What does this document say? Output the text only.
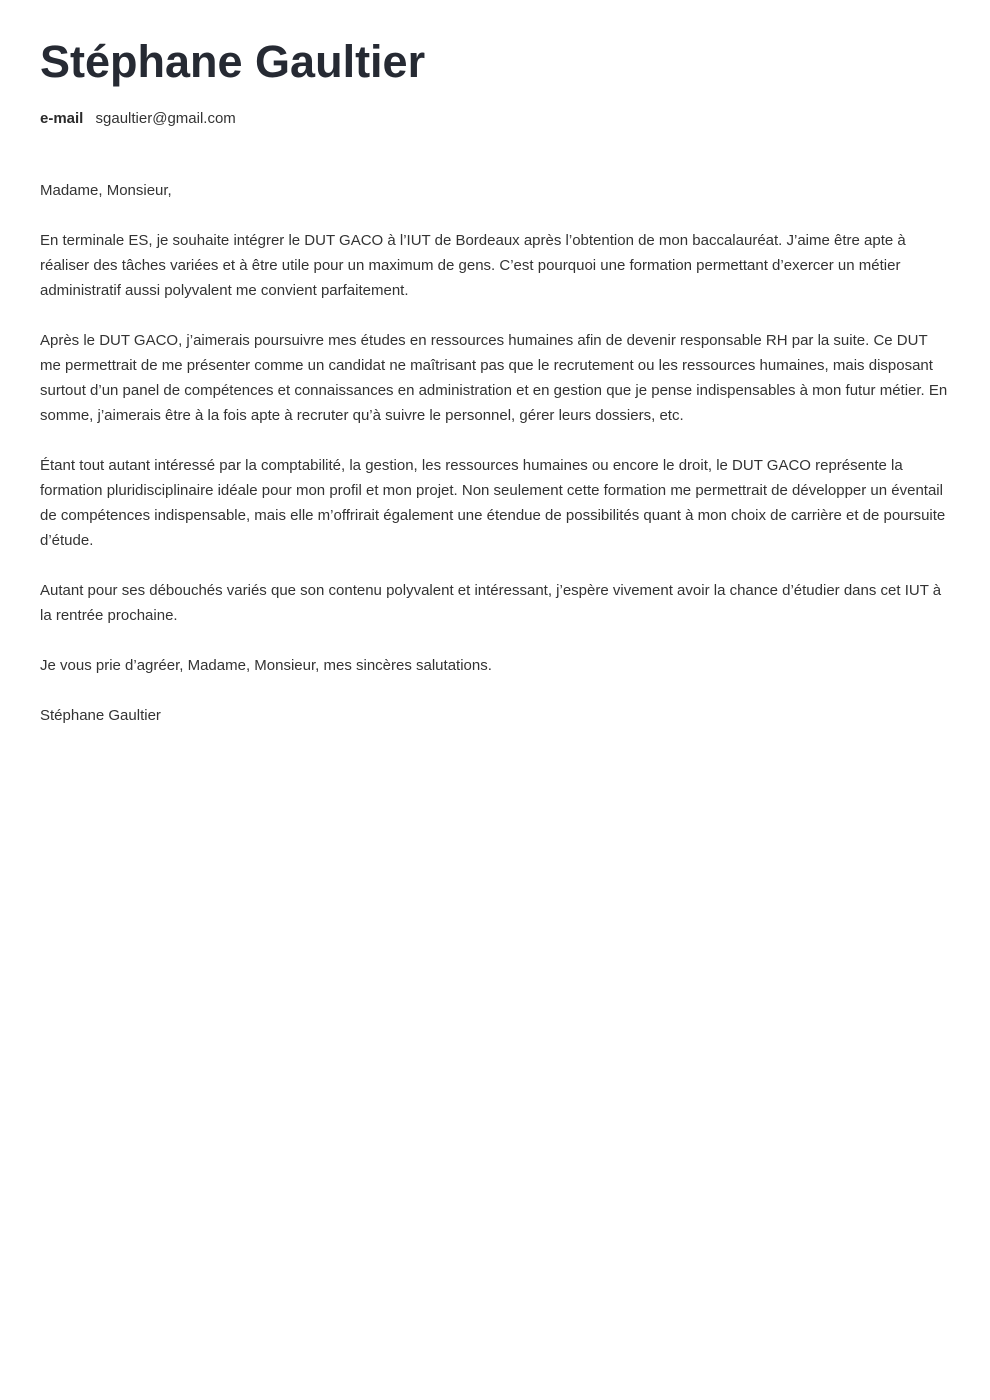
Stéphane Gaultier
e-mail sgaultier@gmail.com

Madame, Monsieur,

En terminale ES, je souhaite intégrer le DUT GACO à l’IUT de Bordeaux après l’obtention de mon baccalauréat. J’aime être apte à réaliser des tâches variées et à être utile pour un maximum de gens. C’est pourquoi une formation permettant d’exercer un métier administratif aussi polyvalent me convient parfaitement.

Après le DUT GACO, j’aimerais poursuivre mes études en ressources humaines afin de devenir responsable RH par la suite. Ce DUT me permettrait de me présenter comme un candidat ne maîtrisant pas que le recrutement ou les ressources humaines, mais disposant surtout d’un panel de compétences et connaissances en administration et en gestion que je pense indispensables à mon futur métier. En somme, j’aimerais être à la fois apte à recruter qu’à suivre le personnel, gérer leurs dossiers, etc.

Étant tout autant intéressé par la comptabilité, la gestion, les ressources humaines ou encore le droit, le DUT GACO représente la formation pluridisciplinaire idéale pour mon profil et mon projet. Non seulement cette formation me permettrait de développer un éventail de compétences indispensable, mais elle m’offrirait également une étendue de possibilités quant à mon choix de carrière et de poursuite d’étude.

Autant pour ses débouchés variés que son contenu polyvalent et intéressant, j’espère vivement avoir la chance d’étudier dans cet IUT à la rentrée prochaine.

Je vous prie d’agréer, Madame, Monsieur, mes sincères salutations.

Stéphane Gaultier
